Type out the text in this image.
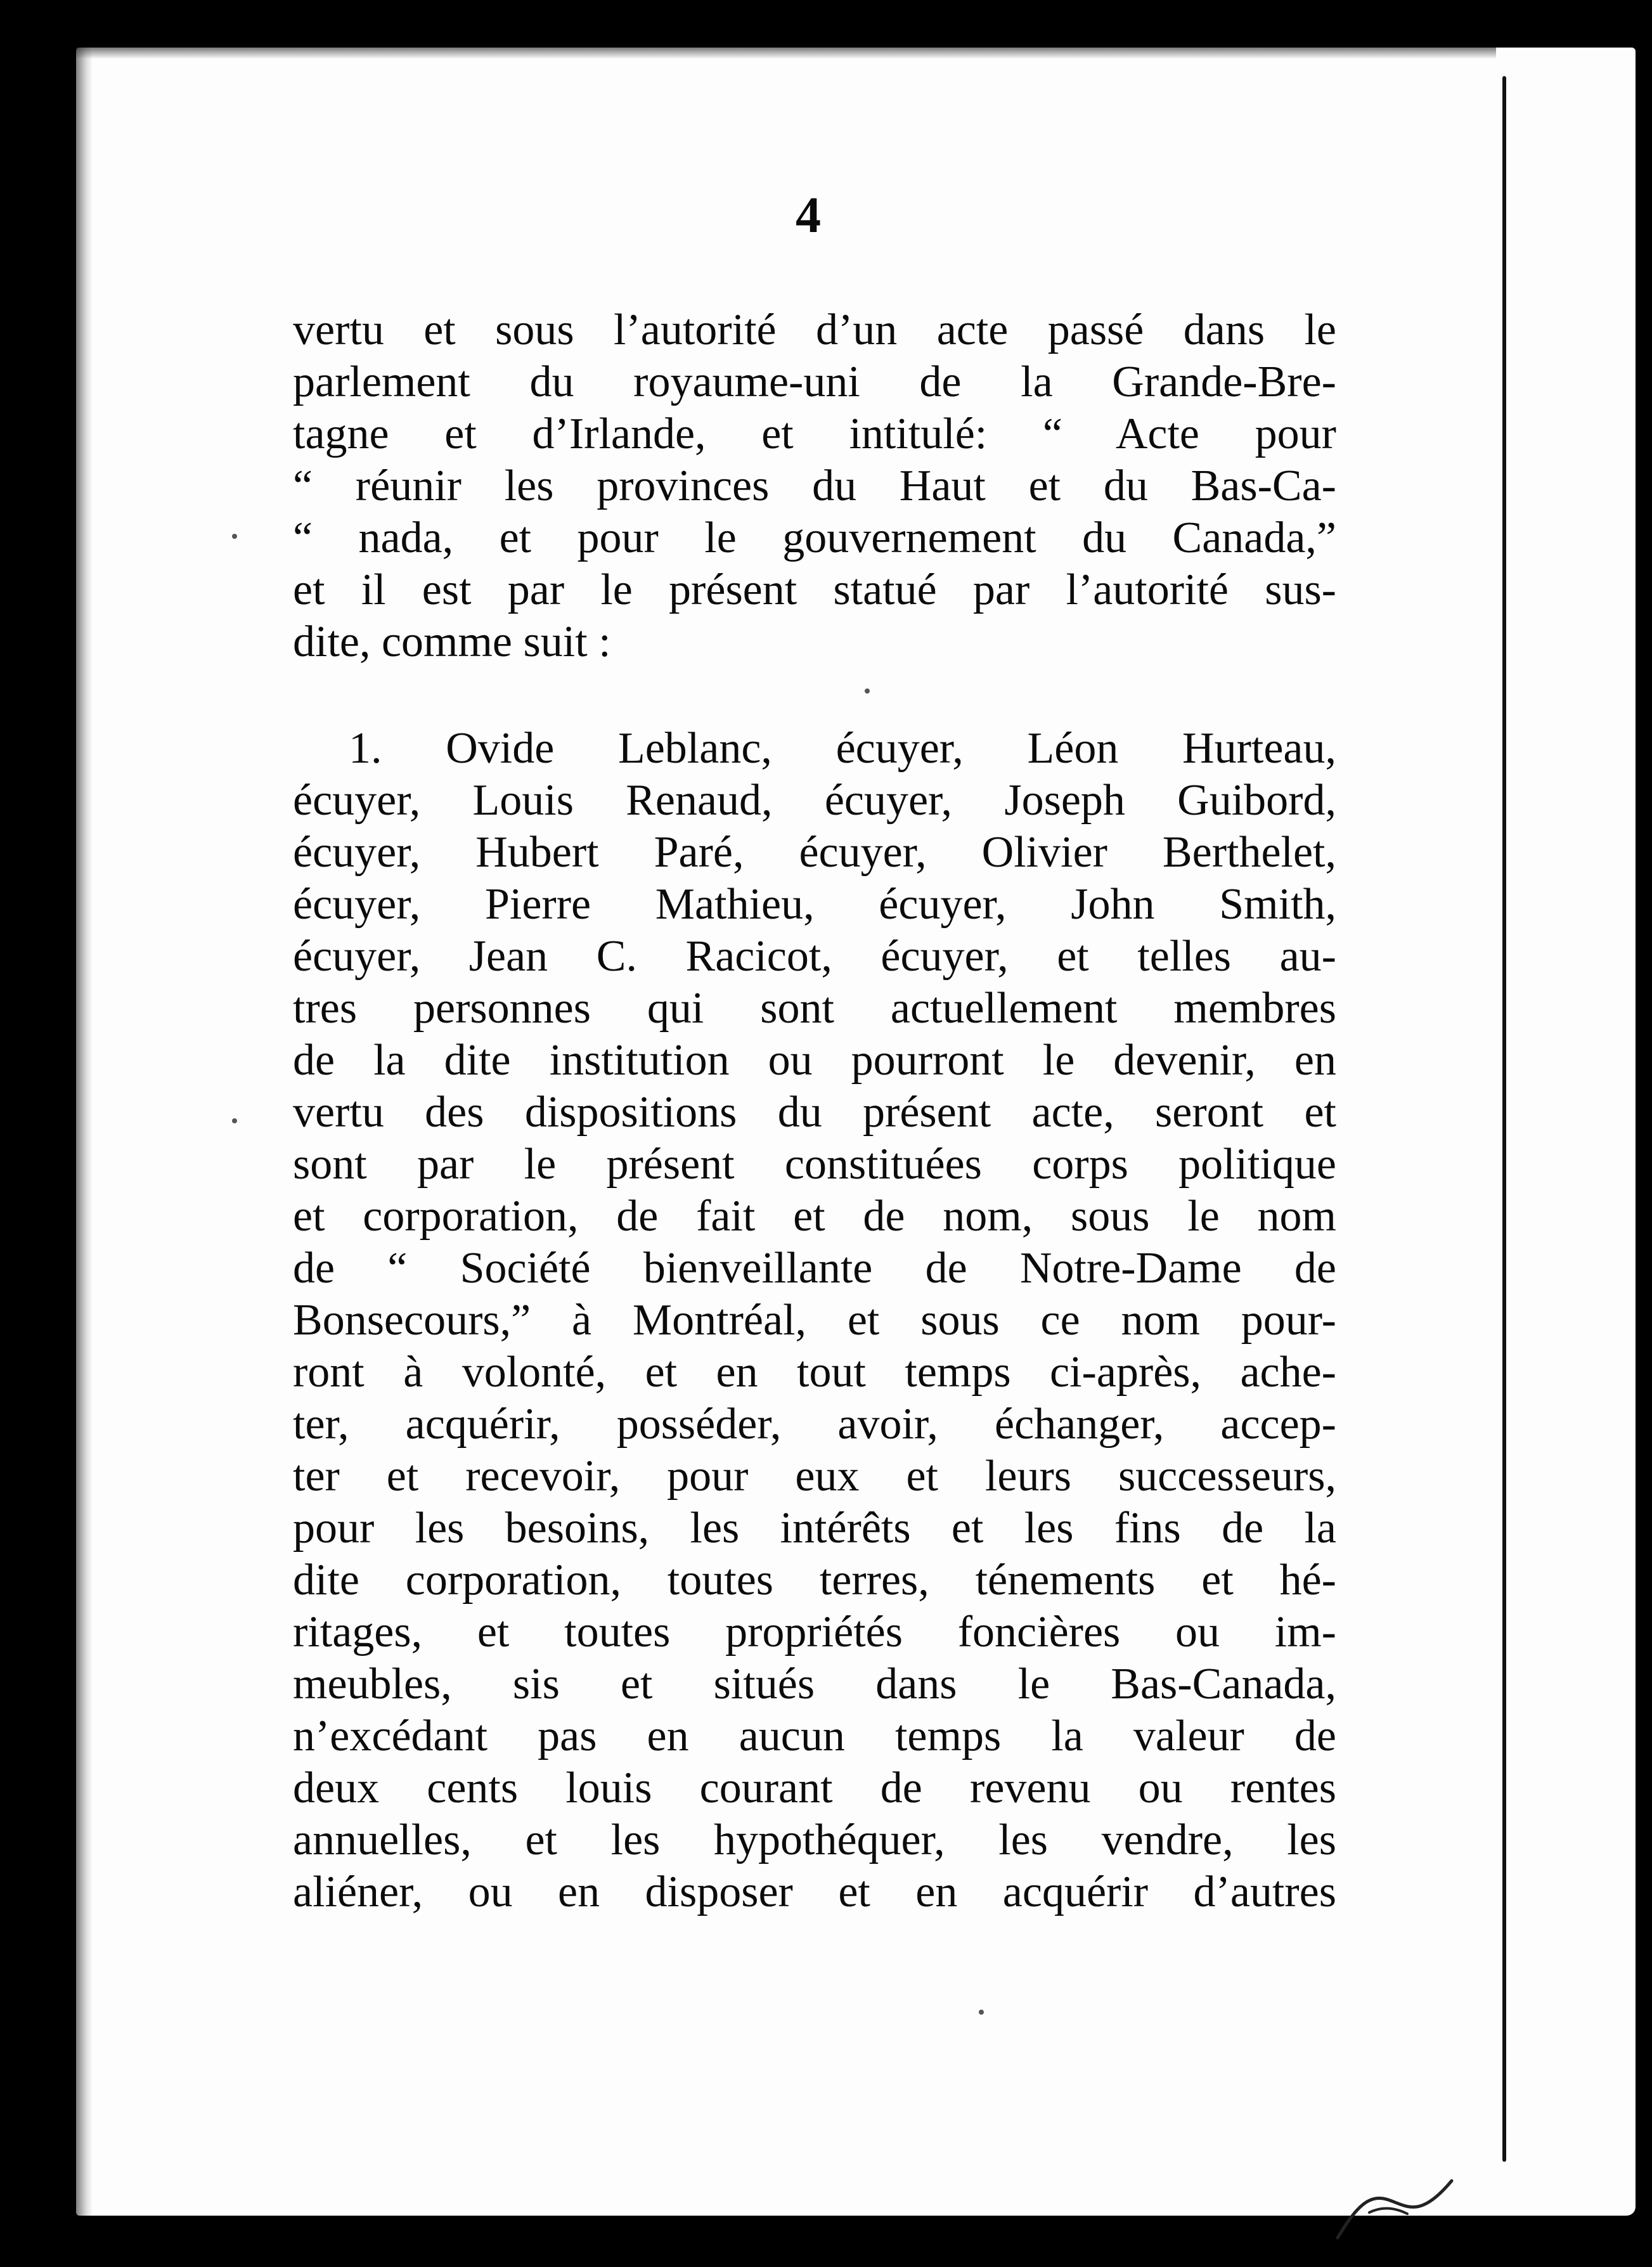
4
vertu et sous l’autorité d’un acte passé dans le
parlement du royaume-uni de la Grande-Bre-
tagne et d’Irlande, et intitulé: “ Acte pour
“ réunir les provinces du Haut et du Bas-Ca-
“ nada, et pour le gouvernement du Canada,”
et il est par le présent statué par l’autorité sus-
dite, comme suit :
1. Ovide Leblanc, écuyer, Léon Hurteau,
écuyer, Louis Renaud, écuyer, Joseph Guibord,
écuyer, Hubert Paré, écuyer, Olivier Berthelet,
écuyer, Pierre Mathieu, écuyer, John Smith,
écuyer, Jean C. Racicot, écuyer, et telles au-
tres personnes qui sont actuellement membres
de la dite institution ou pourront le devenir, en
vertu des dispositions du présent acte, seront et
sont par le présent constituées corps politique
et corporation, de fait et de nom, sous le nom
de “ Société bienveillante de Notre-Dame de
Bonsecours,” à Montréal, et sous ce nom pour-
ront à volonté, et en tout temps ci-après, ache-
ter, acquérir, posséder, avoir, échanger, accep-
ter et recevoir, pour eux et leurs successeurs,
pour les besoins, les intérêts et les fins de la
dite corporation, toutes terres, ténements et hé-
ritages, et toutes propriétés foncières ou im-
meubles, sis et situés dans le Bas-Canada,
n’excédant pas en aucun temps la valeur de
deux cents louis courant de revenu ou rentes
annuelles, et les hypothéquer, les vendre, les
aliéner, ou en disposer et en acquérir d’autres
